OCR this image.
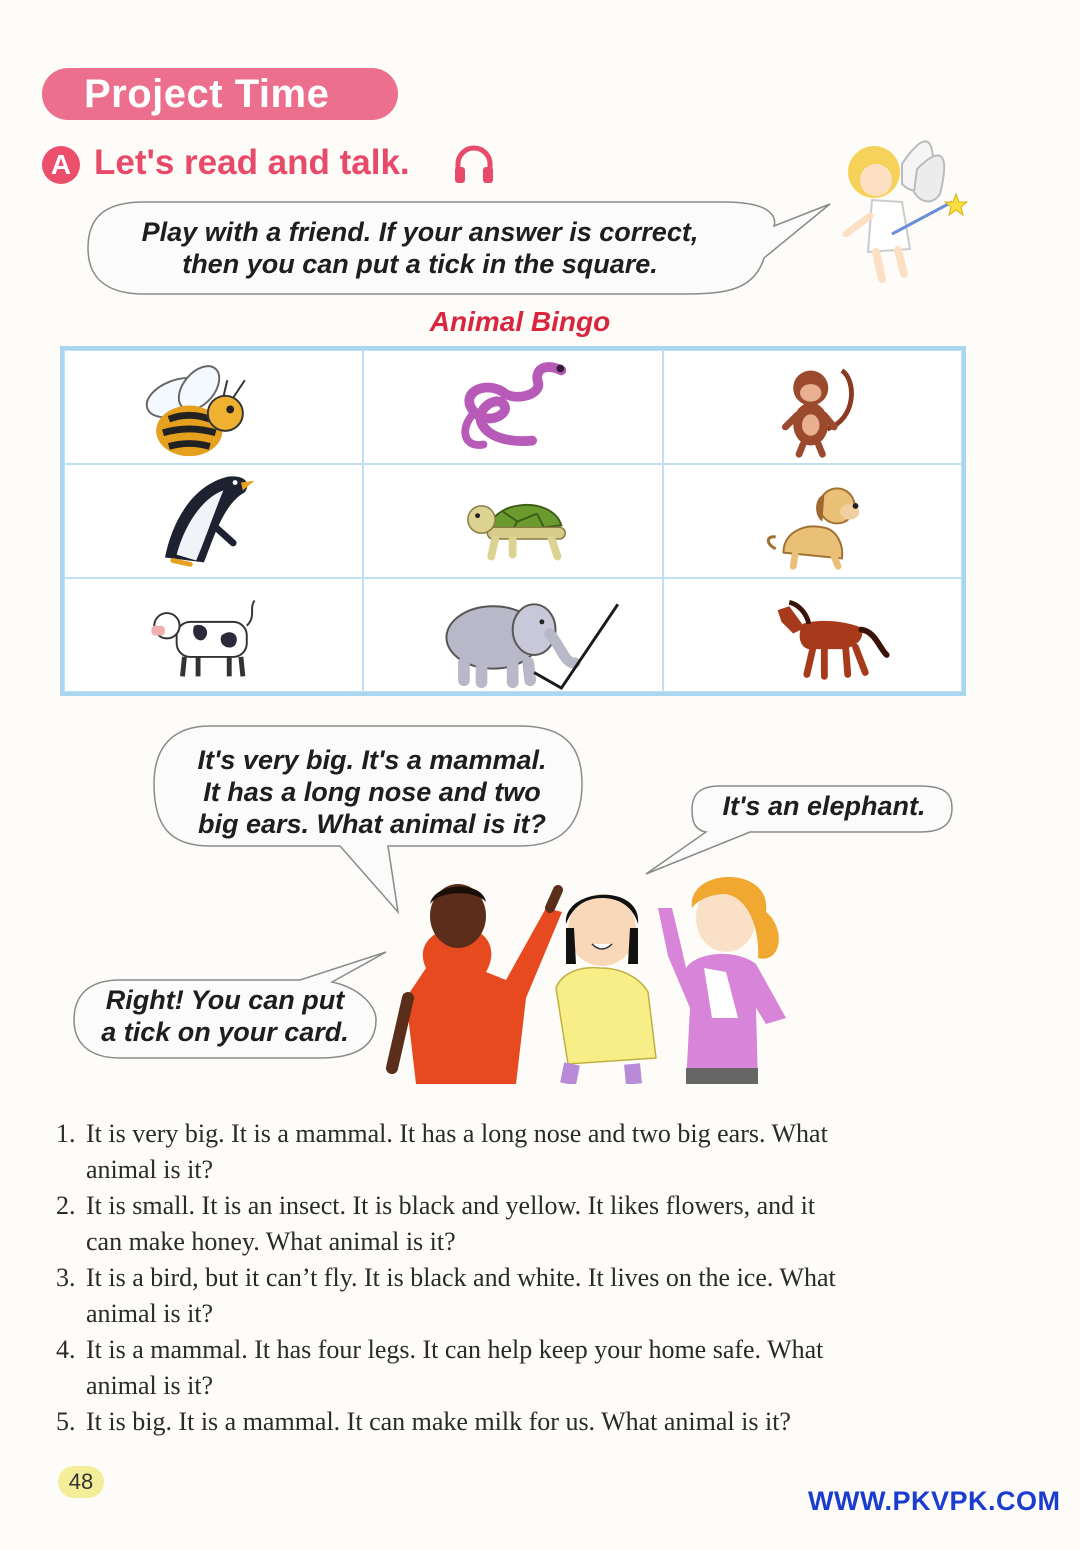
Project Time
A Let's read and talk.
Play with a friend. If your answer is correct,
then you can put a tick in the square.
Animal Bingo
It's very big. It's a mammal.
It has a long nose and two
big ears. What animal is it?
It's an elephant.
Right! You can put
a tick on your card.
1. It is very big. It is a mammal. It has a long nose and two big ears. What
animal is it?
2. It is small. It is an insect. It is black and yellow. It likes flowers, and it
can make honey. What animal is it?
3. It is a bird, but it can’t fly. It is black and white. It lives on the ice. What
animal is it?
4. It is a mammal. It has four legs. It can help keep your home safe. What
animal is it?
5. It is big. It is a mammal. It can make milk for us. What animal is it?
48
WWW.PKVPK.COM
